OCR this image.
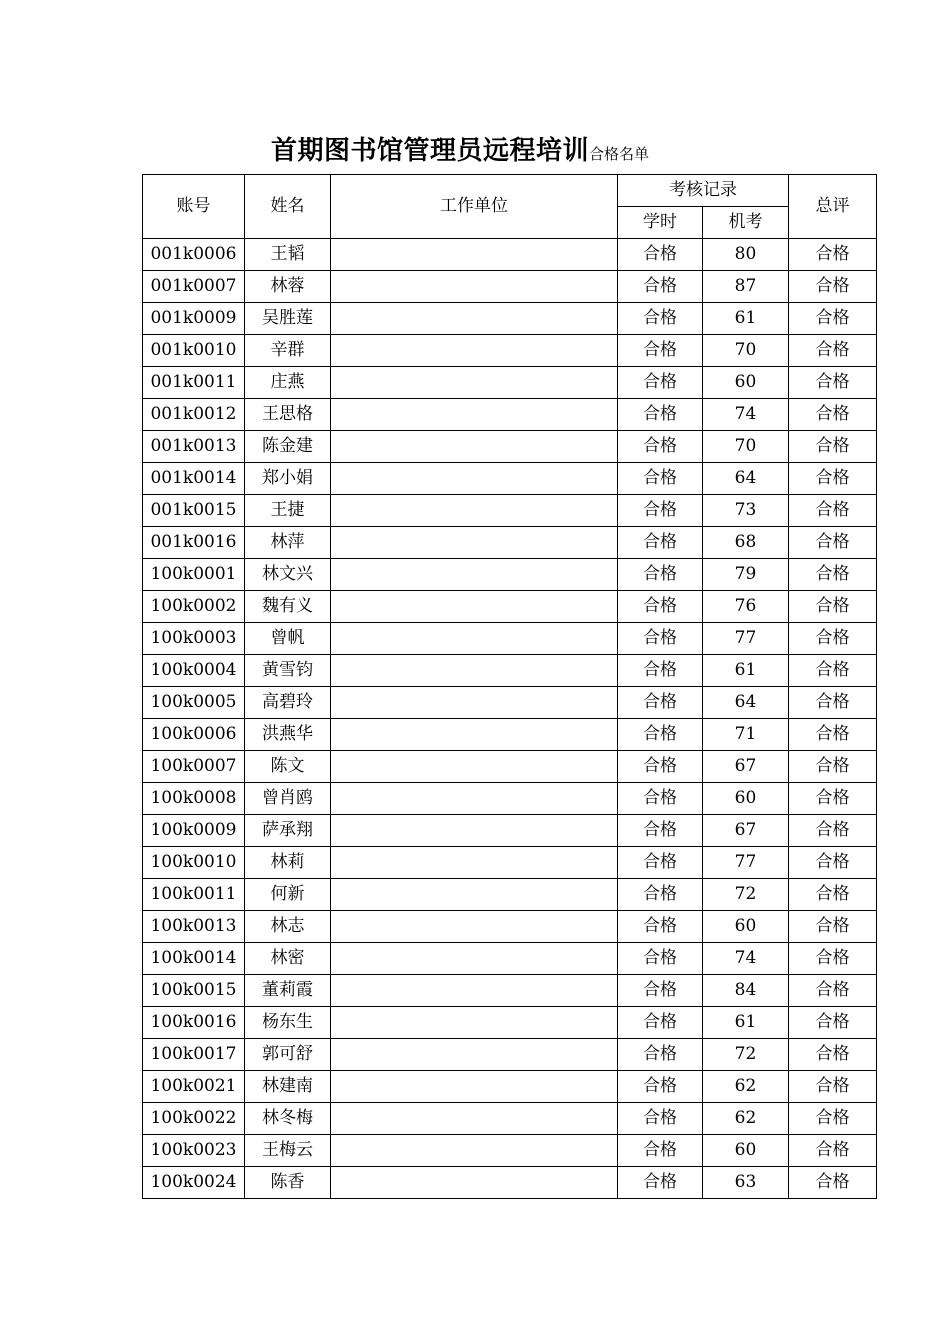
首期图书馆管理员远程培训合格名单
账号	姓名	工作单位	考核记录		总评
			学时	机考	
001k0006	王韬		合格	80	合格
001k0007	林蓉		合格	87	合格
001k0009	吴胜莲		合格	61	合格
001k0010	辛群		合格	70	合格
001k0011	庄燕		合格	60	合格
001k0012	王思格		合格	74	合格
001k0013	陈金建		合格	70	合格
001k0014	郑小娟		合格	64	合格
001k0015	王捷		合格	73	合格
001k0016	林萍		合格	68	合格
100k0001	林文兴		合格	79	合格
100k0002	魏有义		合格	76	合格
100k0003	曾帆		合格	77	合格
100k0004	黄雪钧		合格	61	合格
100k0005	高碧玲		合格	64	合格
100k0006	洪燕华		合格	71	合格
100k0007	陈文		合格	67	合格
100k0008	曾肖鸥		合格	60	合格
100k0009	萨承翔		合格	67	合格
100k0010	林莉		合格	77	合格
100k0011	何新		合格	72	合格
100k0013	林志		合格	60	合格
100k0014	林密		合格	74	合格
100k0015	董莉霞		合格	84	合格
100k0016	杨东生		合格	61	合格
100k0017	郭可舒		合格	72	合格
100k0021	林建南		合格	62	合格
100k0022	林冬梅		合格	62	合格
100k0023	王梅云		合格	60	合格
100k0024	陈香		合格	63	合格
